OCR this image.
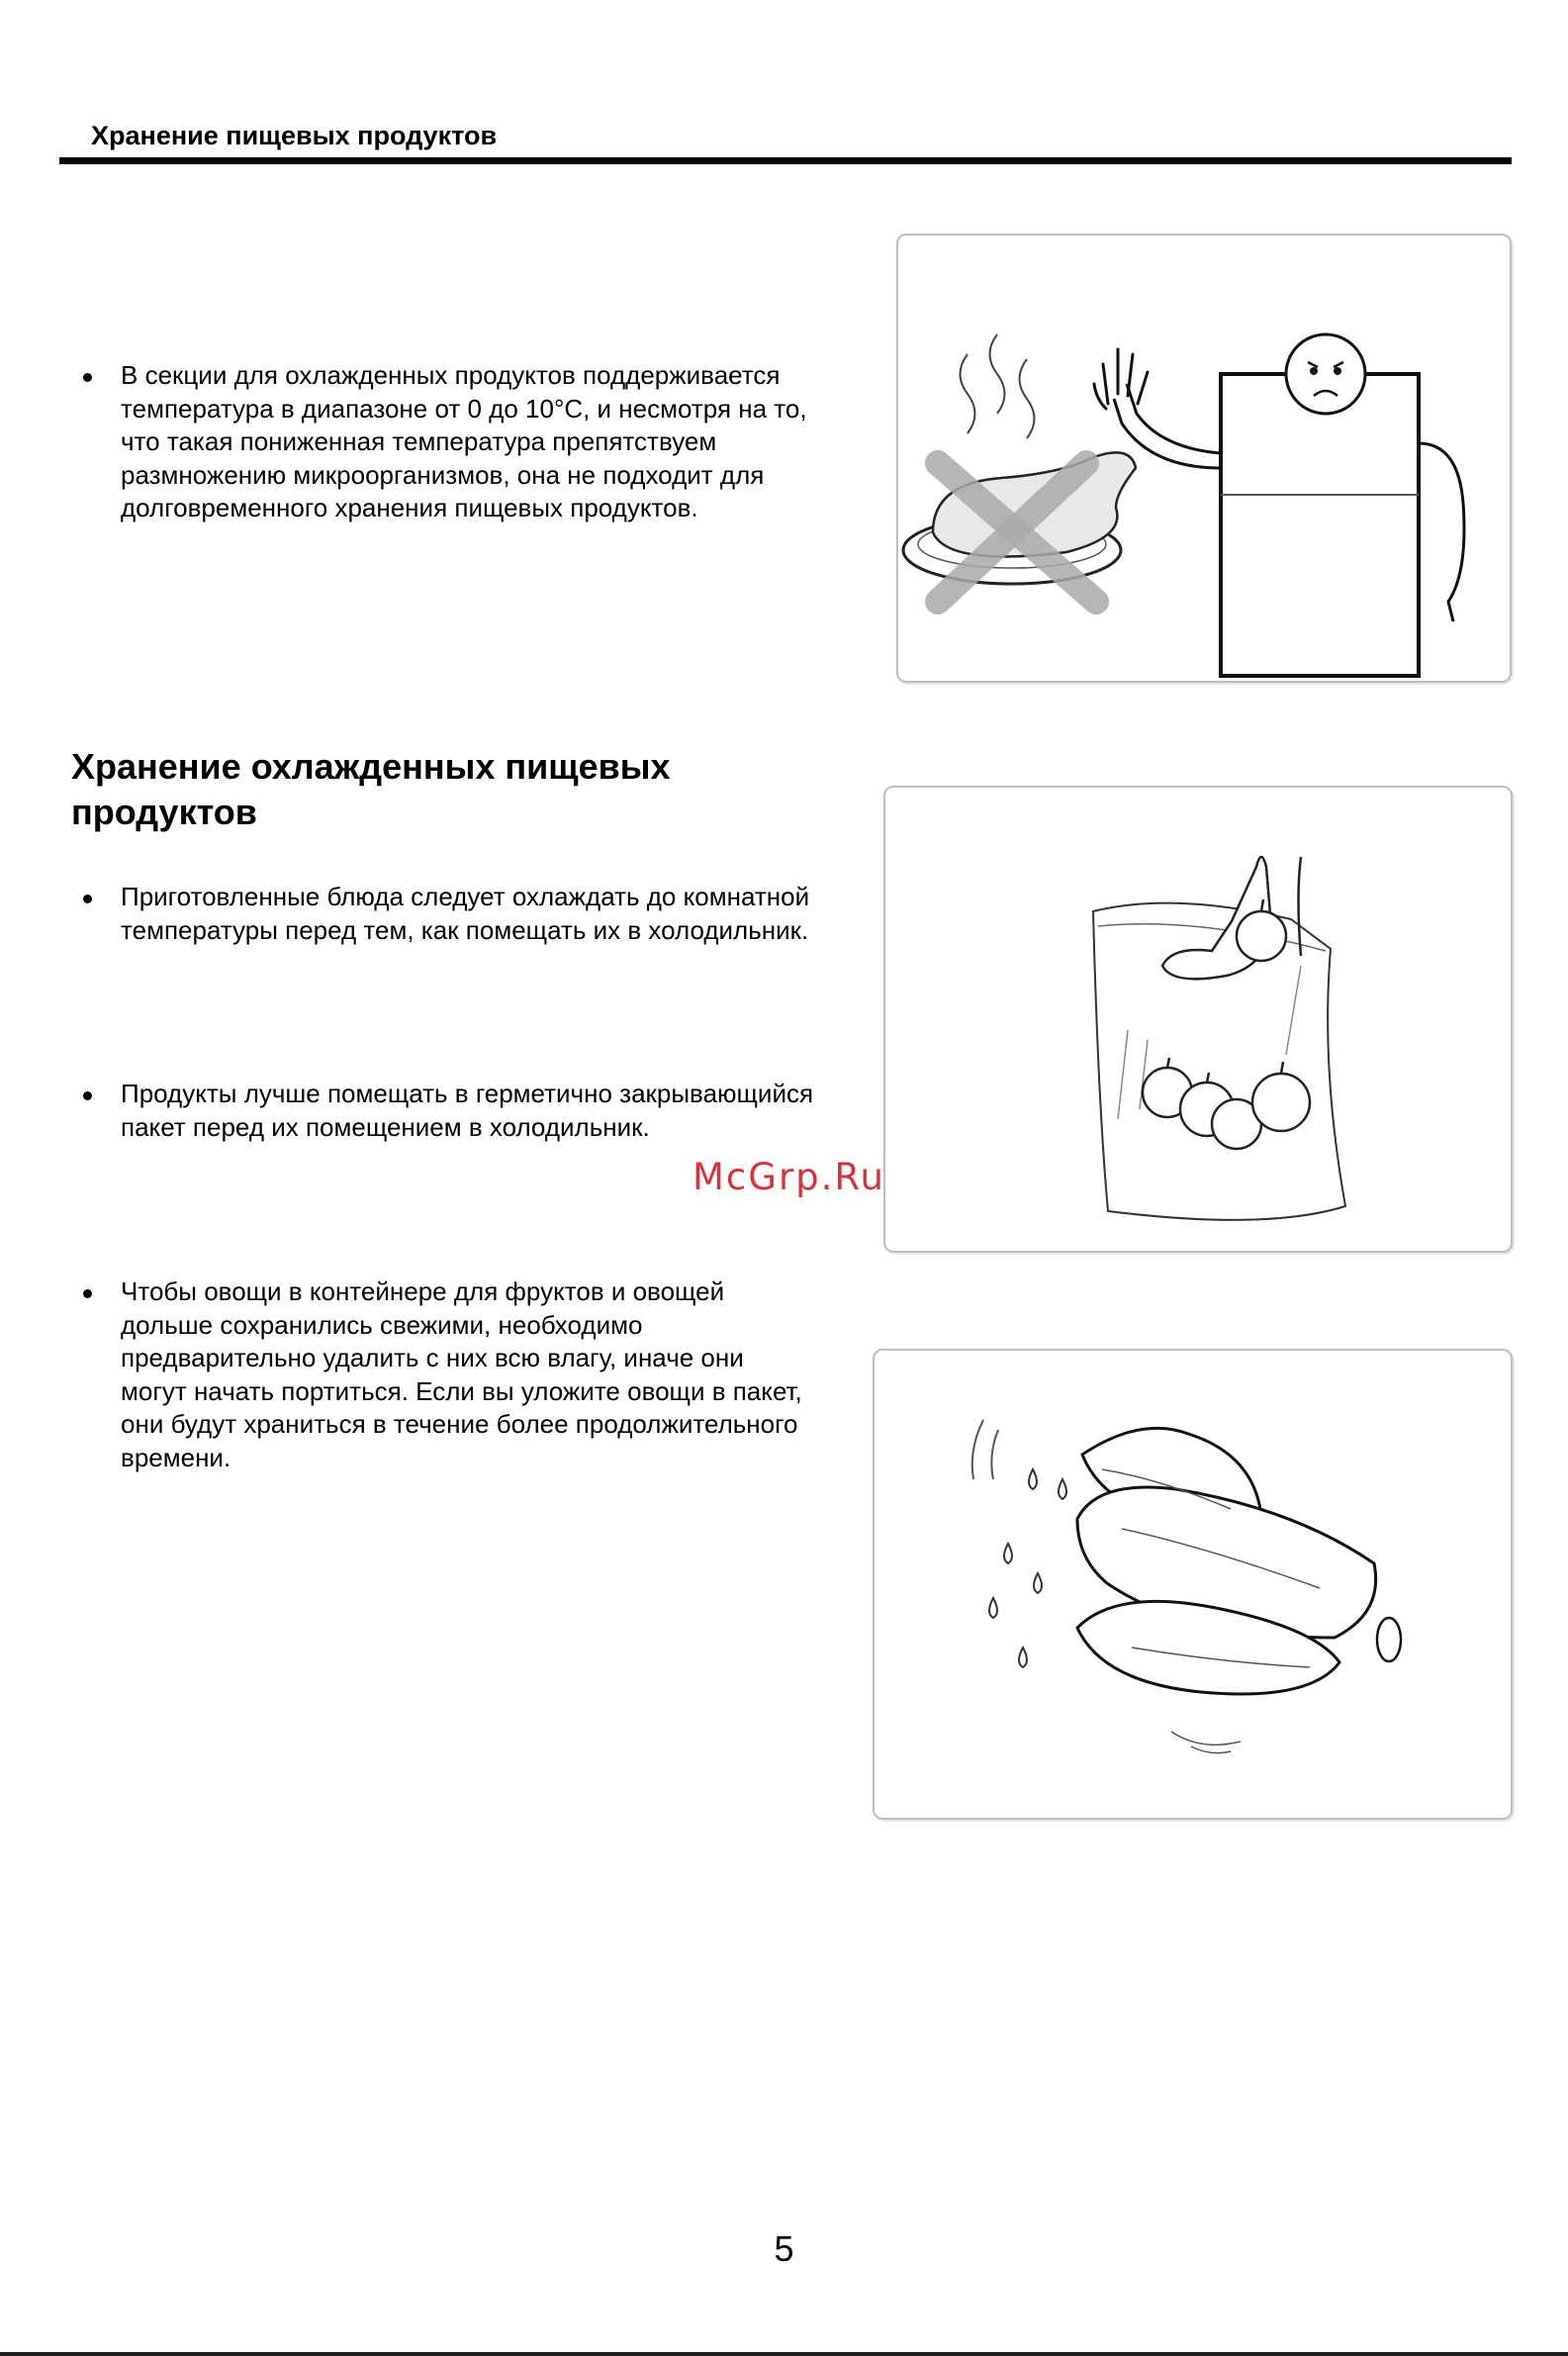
Хранение пищевых продуктов
В секции для охлажденных продуктов поддерживается температура в диапазоне от 0 до 10°С, и несмотря на то, что такая пониженная температура препятствуем размножению микроорганизмов, она не подходит для долговременного хранения пищевых продуктов.
Хранение охлажденных пищевых продуктов
Приготовленные блюда следует охлаждать до комнатной температуры перед тем, как помещать их в холодильник.
Продукты лучше помещать в герметично закрывающийся пакет перед их помещением в холодильник.
Чтобы овощи в контейнере для фруктов и овощей дольше сохранились свежими, необходимо предварительно удалить с них всю влагу, иначе они могут начать портиться. Если вы уложите овощи в пакет, они будут храниться в течение более продолжительного времени.
McGrp.Ru
5
